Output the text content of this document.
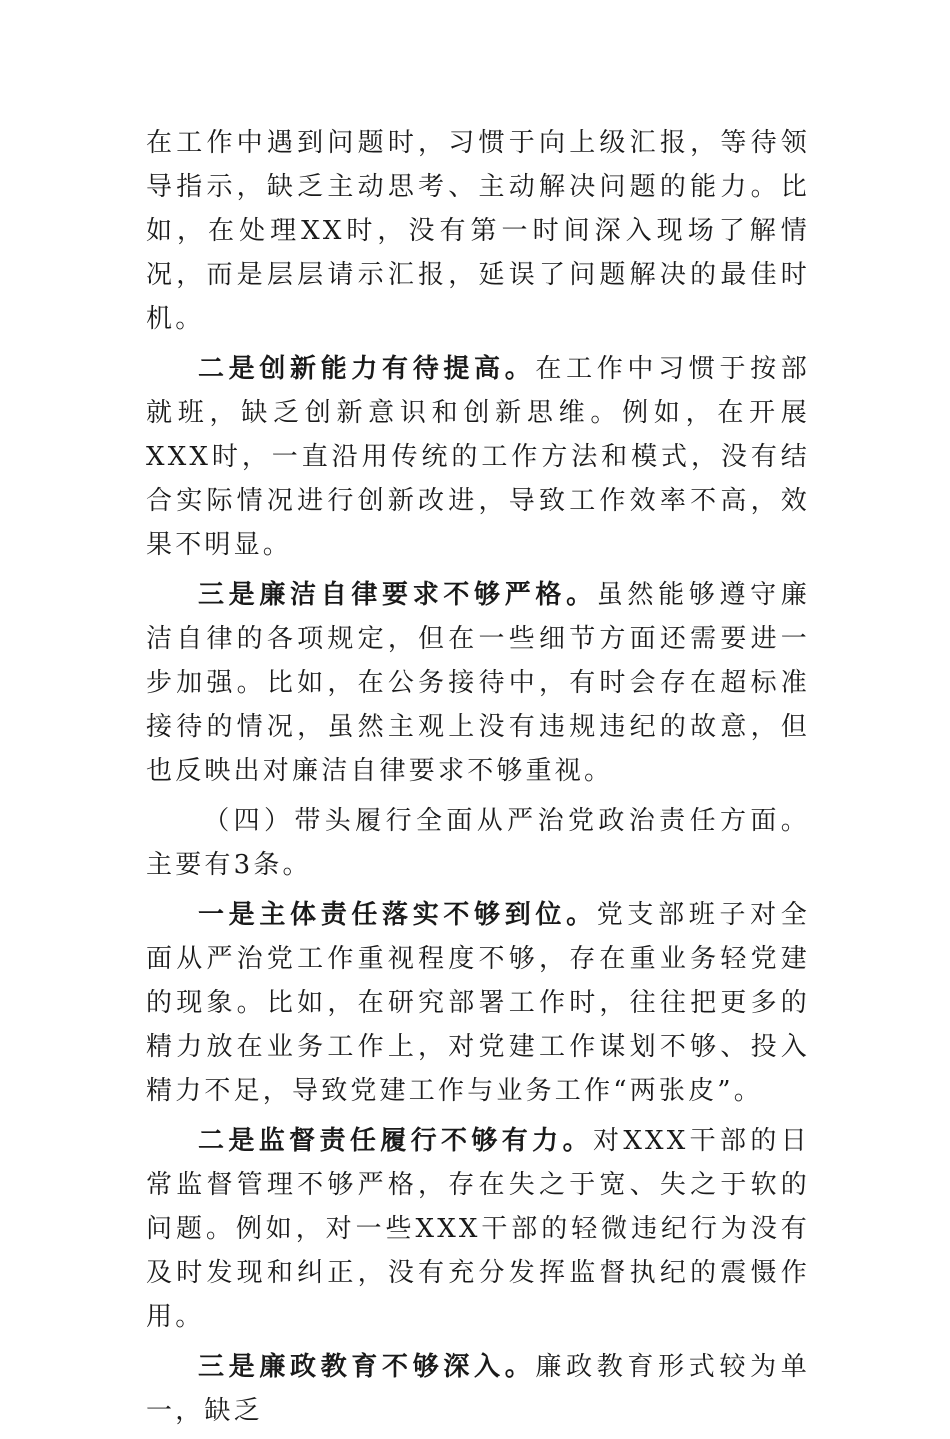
在工作中遇到问题时，习惯于向上级汇报，等待领导指示，缺乏主动思考、主动解决问题的能力。比如，在处理XX时，没有第一时间深入现场了解情况，而是层层请示汇报，延误了问题解决的最佳时机。

二是创新能力有待提高。在工作中习惯于按部就班，缺乏创新意识和创新思维。例如，在开展XXX时，一直沿用传统的工作方法和模式，没有结合实际情况进行创新改进，导致工作效率不高，效果不明显。

三是廉洁自律要求不够严格。虽然能够遵守廉洁自律的各项规定，但在一些细节方面还需要进一步加强。比如，在公务接待中，有时会存在超标准接待的情况，虽然主观上没有违规违纪的故意，但也反映出对廉洁自律要求不够重视。

（四）带头履行全面从严治党政治责任方面。主要有3条。

一是主体责任落实不够到位。党支部班子对全面从严治党工作重视程度不够，存在重业务轻党建的现象。比如，在研究部署工作时，往往把更多的精力放在业务工作上，对党建工作谋划不够、投入精力不足，导致党建工作与业务工作“两张皮”。

二是监督责任履行不够有力。对XXX干部的日常监督管理不够严格，存在失之于宽、失之于软的问题。例如，对一些XXX干部的轻微违纪行为没有及时发现和纠正，没有充分发挥监督执纪的震慑作用。

三是廉政教育不够深入。廉政教育形式较为单一，缺乏
